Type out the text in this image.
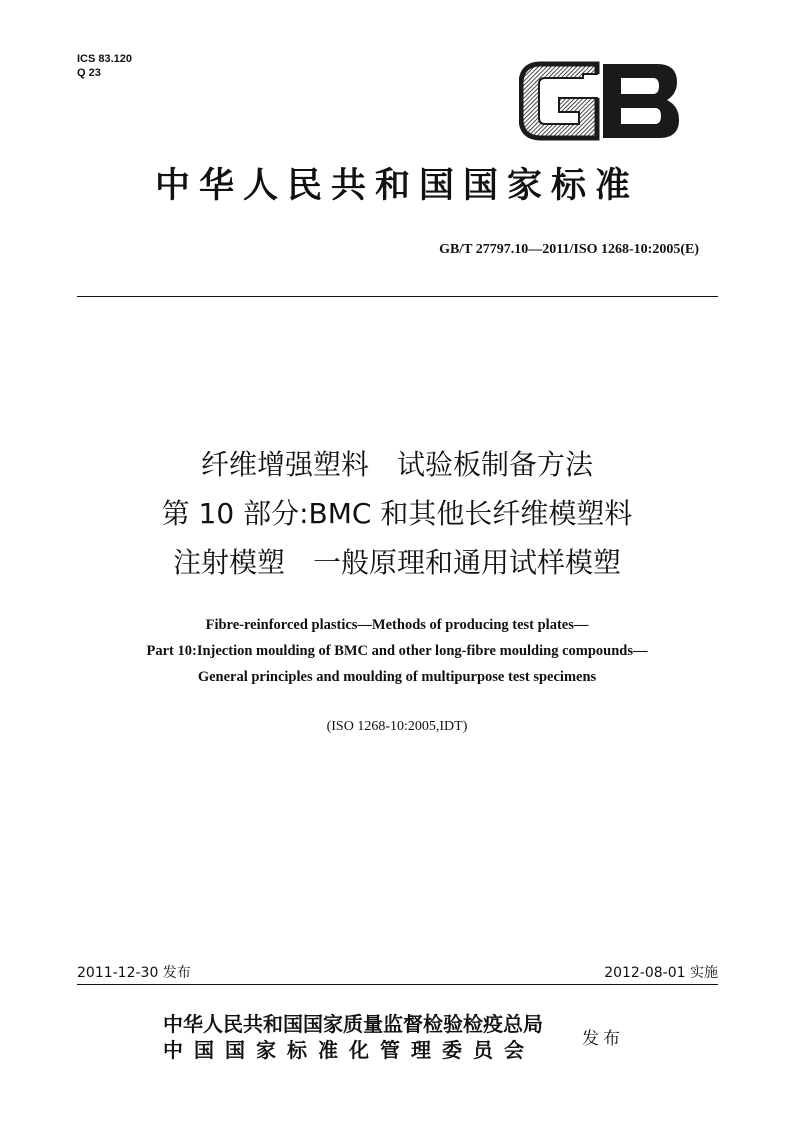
ICS 83.120
Q 23
中华人民共和国国家标准
GB/T 27797.10—2011/ISO 1268-10:2005(E)
纤维增强塑料　试验板制备方法
第 10 部分:BMC 和其他长纤维模塑料
注射模塑　一般原理和通用试样模塑
Fibre-reinforced plastics—Methods of producing test plates—
Part 10:Injection moulding of BMC and other long-fibre moulding compounds—
General principles and moulding of multipurpose test specimens
(ISO 1268-10:2005,IDT)
2011-12-30 发布	2012-08-01 实施
中华人民共和国国家质量监督检验检疫总局
中国国家标准化管理委员会	发布
